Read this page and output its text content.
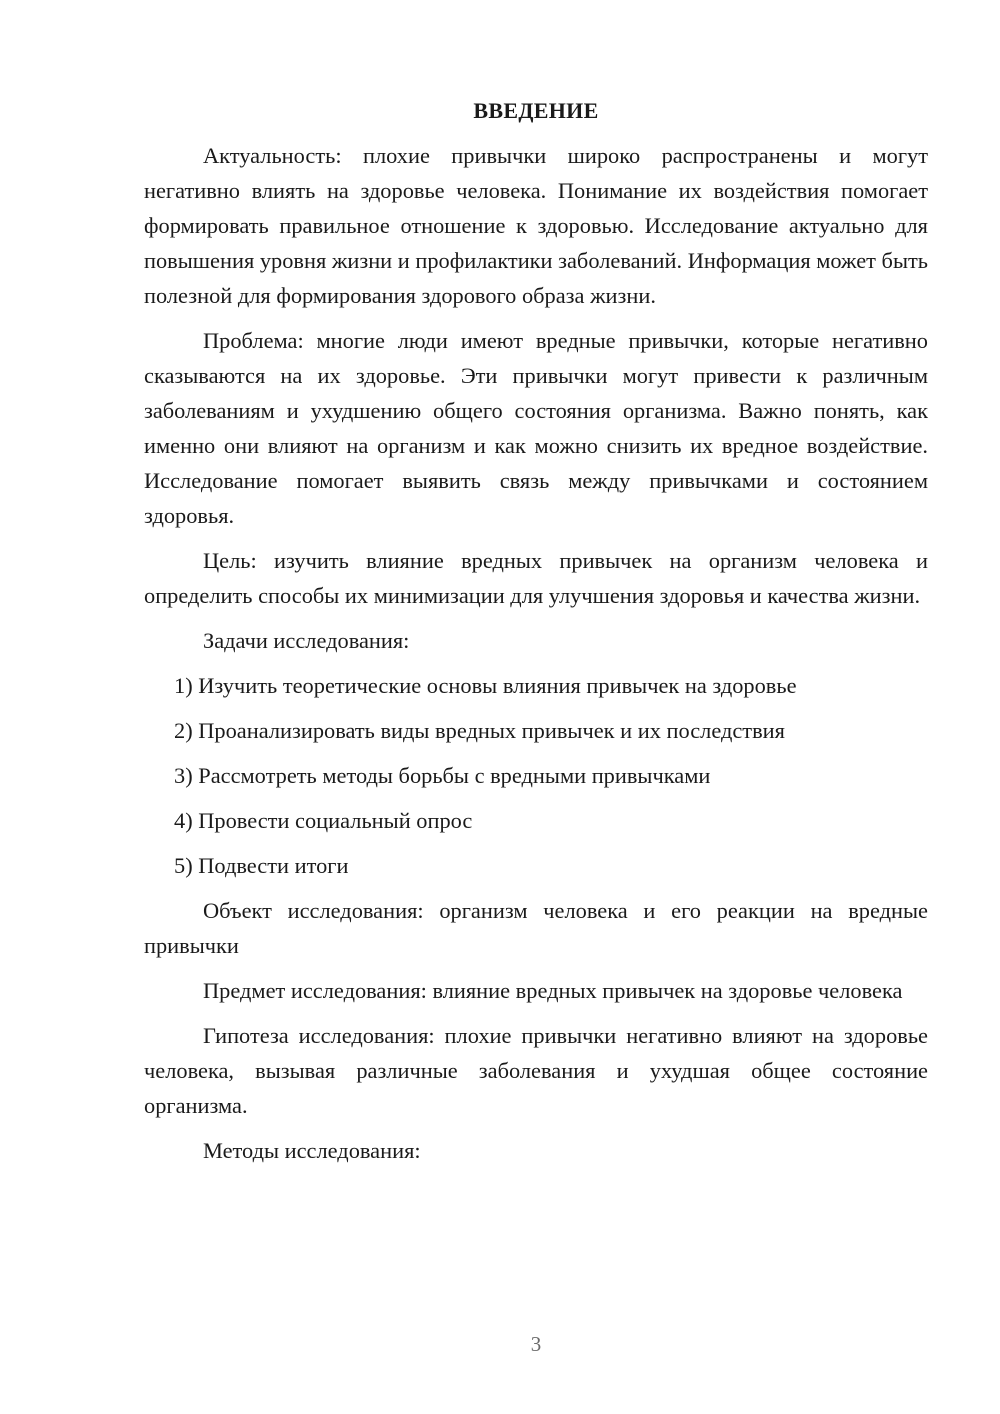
ВВЕДЕНИЕ

Актуальность: плохие привычки широко распространены и могут негативно влиять на здоровье человека. Понимание их воздействия помогает формировать правильное отношение к здоровью. Исследование актуально для повышения уровня жизни и профилактики заболеваний. Информация может быть полезной для формирования здорового образа жизни.

Проблема: многие люди имеют вредные привычки, которые негативно сказываются на их здоровье. Эти привычки могут привести к различным заболеваниям и ухудшению общего состояния организма. Важно понять, как именно они влияют на организм и как можно снизить их вредное воздействие. Исследование помогает выявить связь между привычками и состоянием здоровья.

Цель: изучить влияние вредных привычек на организм человека и определить способы их минимизации для улучшения здоровья и качества жизни.

Задачи исследования:

1) Изучить теоретические основы влияния привычек на здоровье
2) Проанализировать виды вредных привычек и их последствия
3) Рассмотреть методы борьбы с вредными привычками
4) Провести социальный опрос
5) Подвести итоги

Объект исследования: организм человека и его реакции на вредные привычки

Предмет исследования: влияние вредных привычек на здоровье человека

Гипотеза исследования: плохие привычки негативно влияют на здоровье человека, вызывая различные заболевания и ухудшая общее состояние организма.

Методы исследования:

3
